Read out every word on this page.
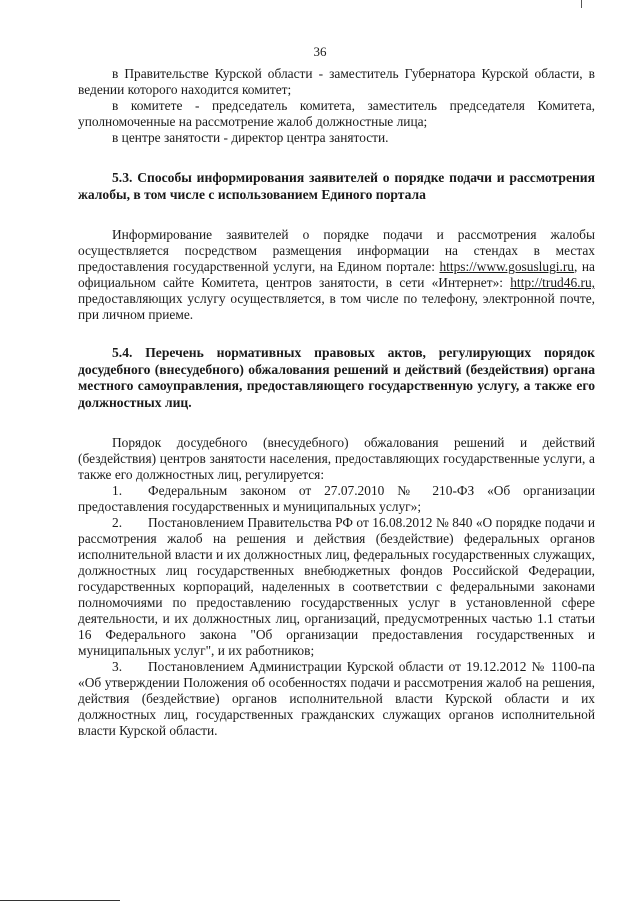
36

в Правительстве Курской области - заместитель Губернатора Курской области, в ведении которого находится комитет;

в комитете - председатель комитета, заместитель председателя Комитета, уполномоченные на рассмотрение жалоб должностные лица;

в центре занятости - директор центра занятости.

5.3. Способы информирования заявителей о порядке подачи и рассмотрения жалобы, в том числе с использованием Единого портала

Информирование заявителей о порядке подачи и рассмотрения жалобы осуществляется посредством размещения информации на стендах в местах предоставления государственной услуги, на Едином портале: https://www.gosuslugi.ru, на официальном сайте Комитета, центров занятости, в сети «Интернет»: http://trud46.ru, предоставляющих услугу осуществляется, в том числе по телефону, электронной почте, при личном приеме.

5.4. Перечень нормативных правовых актов, регулирующих порядок досудебного (внесудебного) обжалования решений и действий (бездействия) органа местного самоуправления, предоставляющего государственную услугу, а также его должностных лиц.

Порядок досудебного (внесудебного) обжалования решений и действий (бездействия) центров занятости населения, предоставляющих государственные услуги, а также его должностных лиц, регулируется:

1. Федеральным законом от 27.07.2010 № 210-ФЗ «Об организации предоставления государственных и муниципальных услуг»;

2. Постановлением Правительства РФ от 16.08.2012 № 840 «О порядке подачи и рассмотрения жалоб на решения и действия (бездействие) федеральных органов исполнительной власти и их должностных лиц, федеральных государственных служащих, должностных лиц государственных внебюджетных фондов Российской Федерации, государственных корпораций, наделенных в соответствии с федеральными законами полномочиями по предоставлению государственных услуг в установленной сфере деятельности, и их должностных лиц, организаций, предусмотренных частью 1.1 статьи 16 Федерального закона "Об организации предоставления государственных и муниципальных услуг", и их работников;

3. Постановлением Администрации Курской области от 19.12.2012 № 1100-па «Об утверждении Положения об особенностях подачи и рассмотрения жалоб на решения, действия (бездействие) органов исполнительной власти Курской области и их должностных лиц, государственных гражданских служащих органов исполнительной власти Курской области.
